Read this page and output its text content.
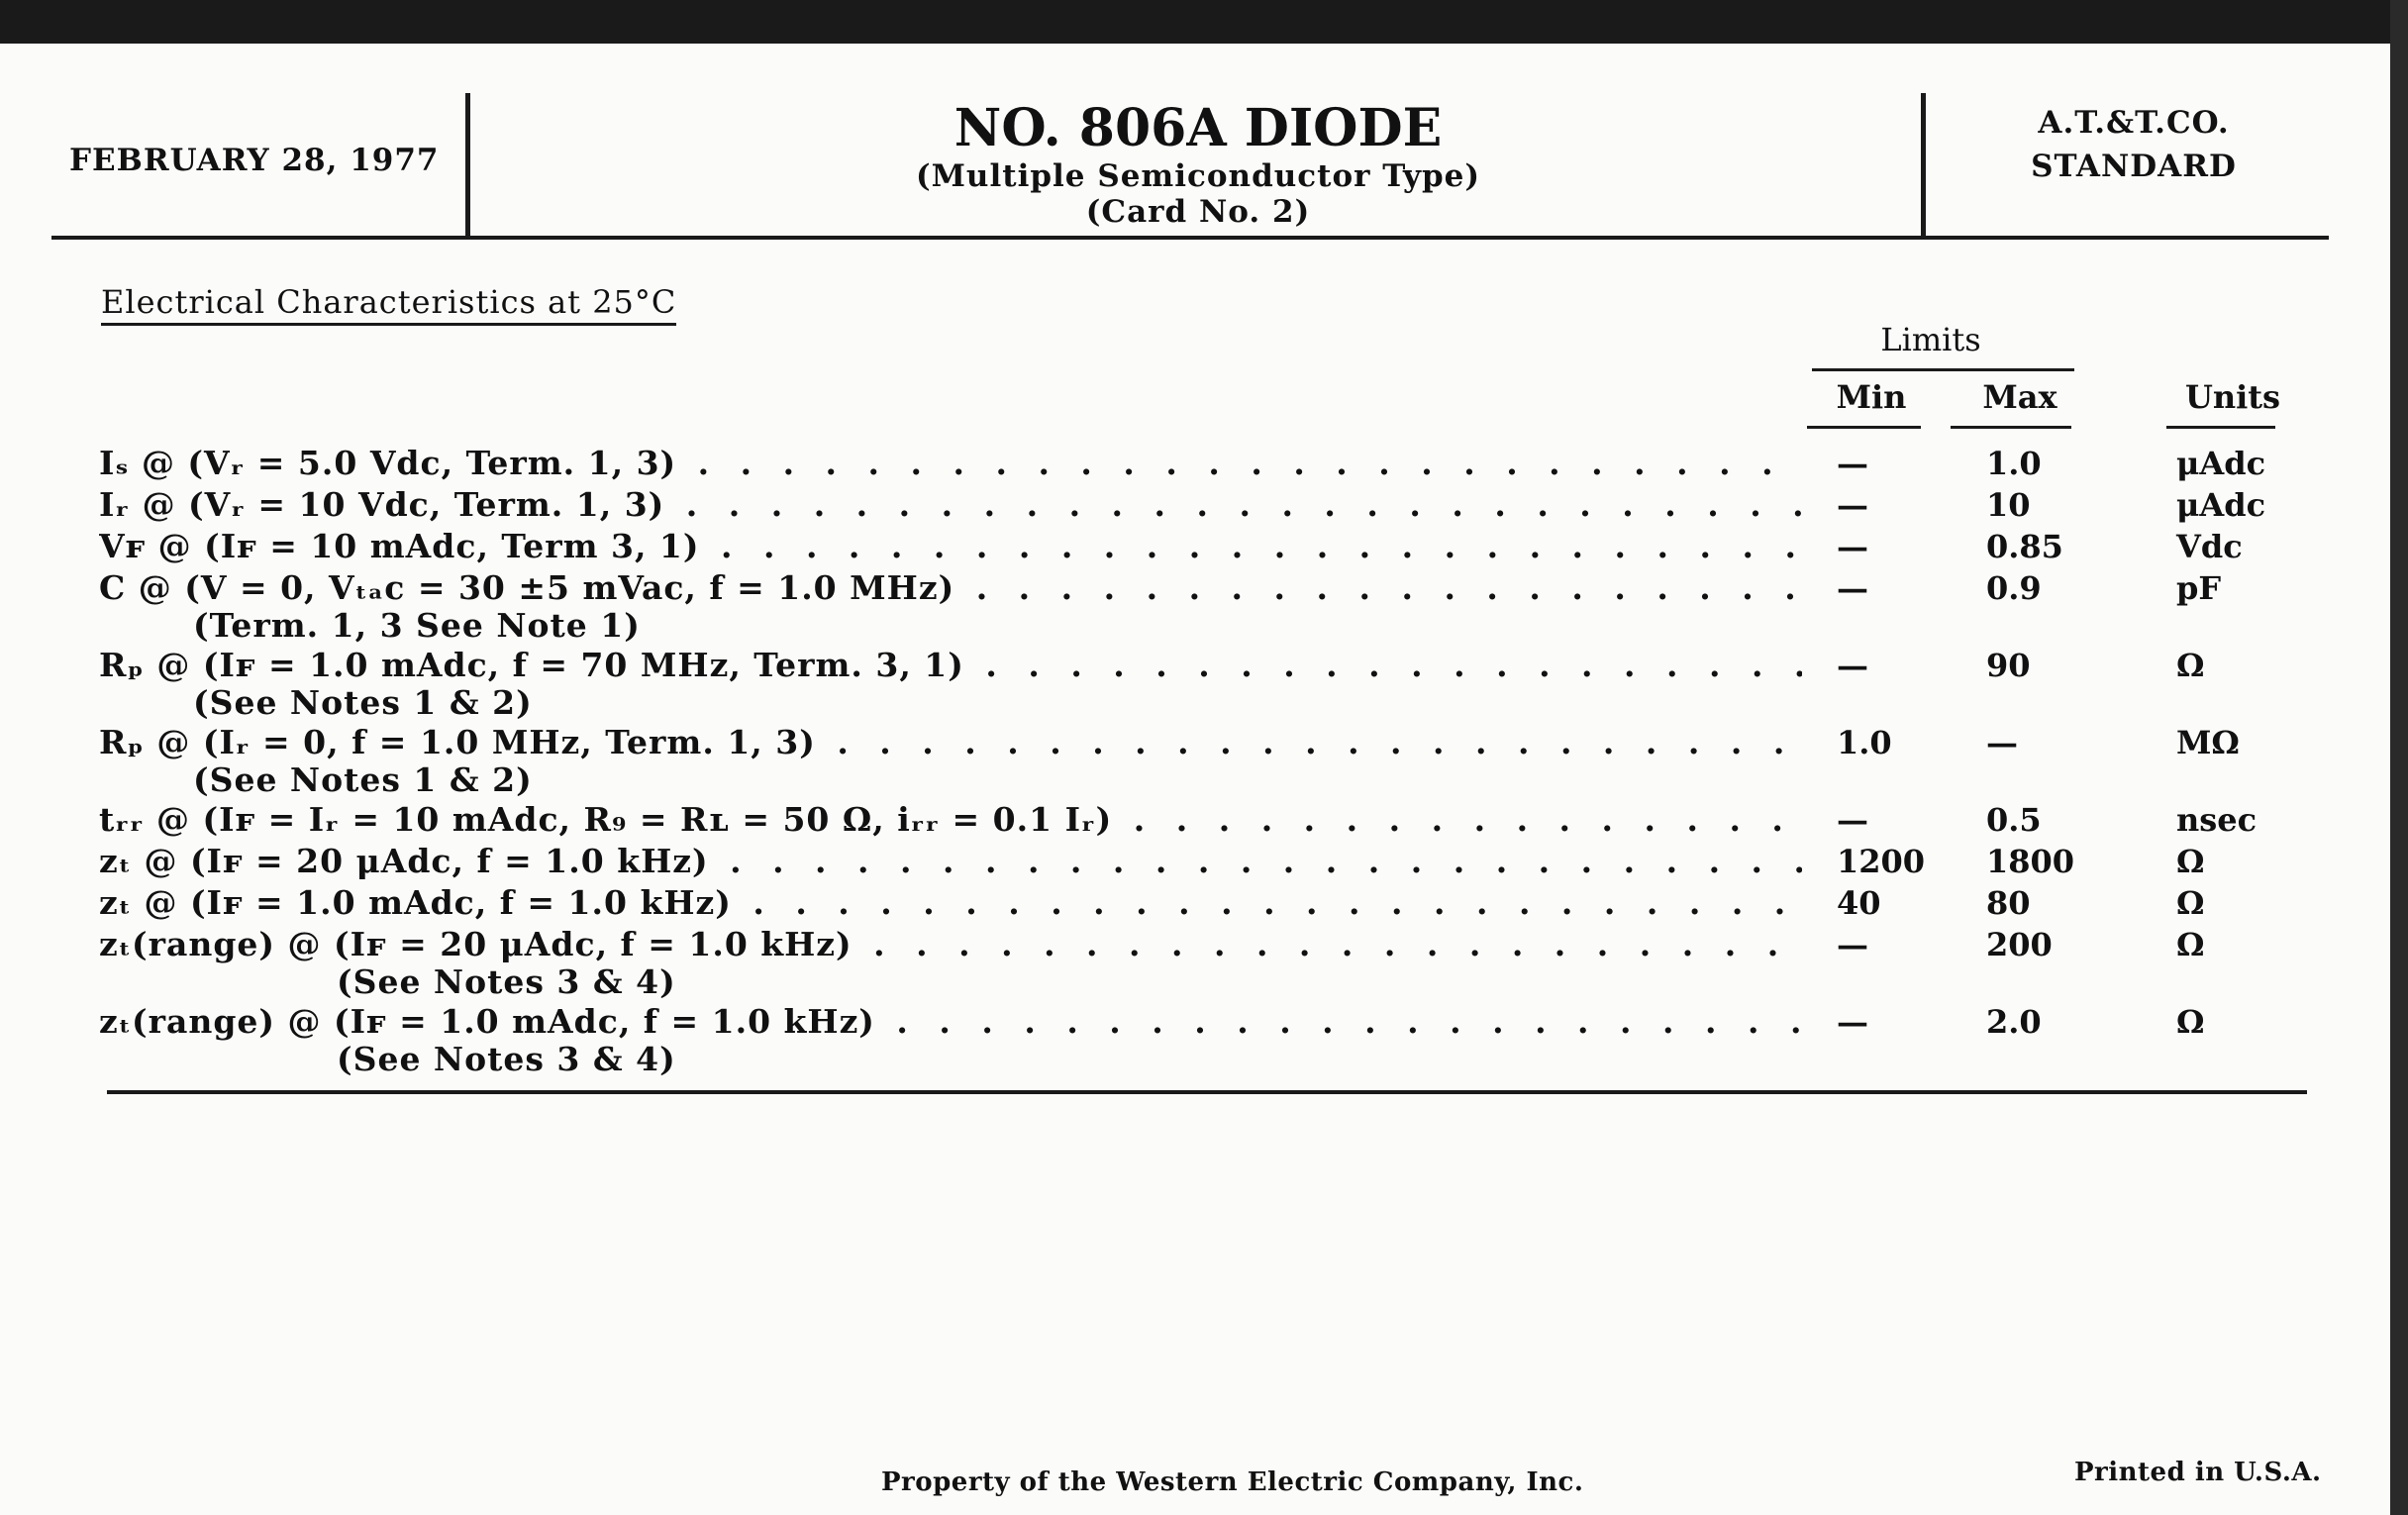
FEBRUARY 28, 1977
NO. 806A DIODE
(Multiple Semiconductor Type)
(Card No. 2)
A.T.&T.CO.
STANDARD
Electrical Characteristics at 25°C
Limits
Min	Max	Units
Iₛ @ (Vᵣ = 5.0 Vdc, Term. 1, 3) . . .	—	1.0	μAdc
Iᵣ @ (Vᵣ = 10 Vdc, Term. 1, 3) . . .	—	10	μAdc
Vꜰ @ (Iꜰ = 10 mAdc, Term 3, 1) . . .	—	0.85	Vdc
C @ (V = 0, Vₜₐc = 30 ±5 mVac, f = 1.0 MHz) . . .
(Term. 1, 3 See Note 1)
—	0.9	pF
Rₚ @ (Iꜰ = 1.0 mAdc, f = 70 MHz, Term. 3, 1) . . .
(See Notes 1 & 2)
—	90	Ω
Rₚ @ (Iᵣ = 0, f = 1.0 MHz, Term. 1, 3) . . .
(See Notes 1 & 2)
1.0	—	MΩ
tᵣᵣ @ (Iꜰ = Iᵣ = 10 mAdc, R₉ = Rʟ = 50 Ω, iᵣᵣ = 0.1 Iᵣ) . . .	—	0.5	nsec
zₜ @ (Iꜰ = 20 μAdc, f = 1.0 kHz) . . .	1200	1800	Ω
zₜ @ (Iꜰ = 1.0 mAdc, f = 1.0 kHz) . . .	40	80	Ω
zₜ(range) @ (Iꜰ = 20 μAdc, f = 1.0 kHz) . . .
(See Notes 3 & 4)
—	200	Ω
zₜ(range) @ (Iꜰ = 1.0 mAdc, f = 1.0 kHz) . . .
(See Notes 3 & 4)
—	2.0	Ω
Property of the Western Electric Company, Inc.	Printed in U.S.A.
